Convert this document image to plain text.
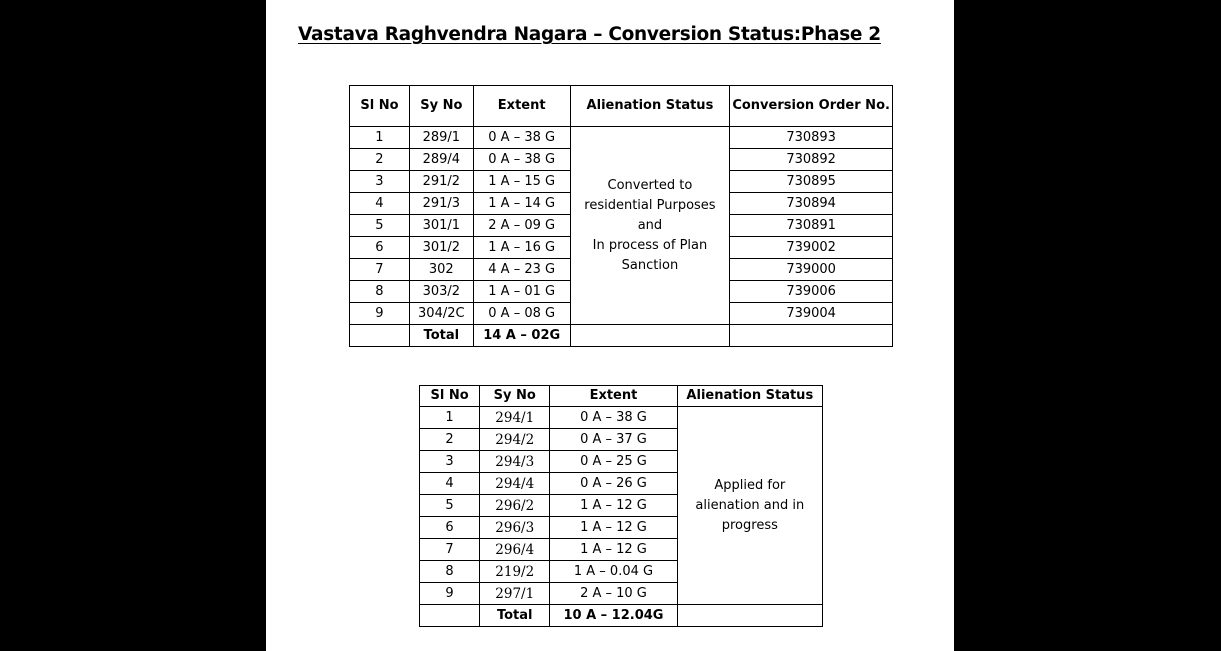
Vastava Raghvendra Nagara – Conversion Status:Phase 2
Sl No	Sy No	Extent	Alienation Status	Conversion Order No.
1	289/1	0 A – 38 G	Converted to
residential Purposes
and
In process of Plan
Sanction	730893
2	289/4	0 A – 38 G		730892
3	291/2	1 A – 15 G		730895
4	291/3	1 A – 14 G		730894
5	301/1	2 A – 09 G		730891
6	301/2	1 A – 16 G		739002
7	302	4 A – 23 G		739000
8	303/2	1 A – 01 G		739006
9	304/2C	0 A – 08 G		739004
	Total	14 A – 02G		
Sl No	Sy No	Extent	Alienation Status
1	294/1	0 A – 38 G	Applied for
alienation and in
progress

2	294/2	0 A – 37 G	
3	294/3	0 A – 25 G	
4	294/4	0 A – 26 G	
5	296/2	1 A – 12 G	
6	296/3	1 A – 12 G	
7	296/4	1 A – 12 G	
8	219/2	1 A – 0.04 G	
9	297/1	2 A – 10 G	
	Total	10 A – 12.04G	
